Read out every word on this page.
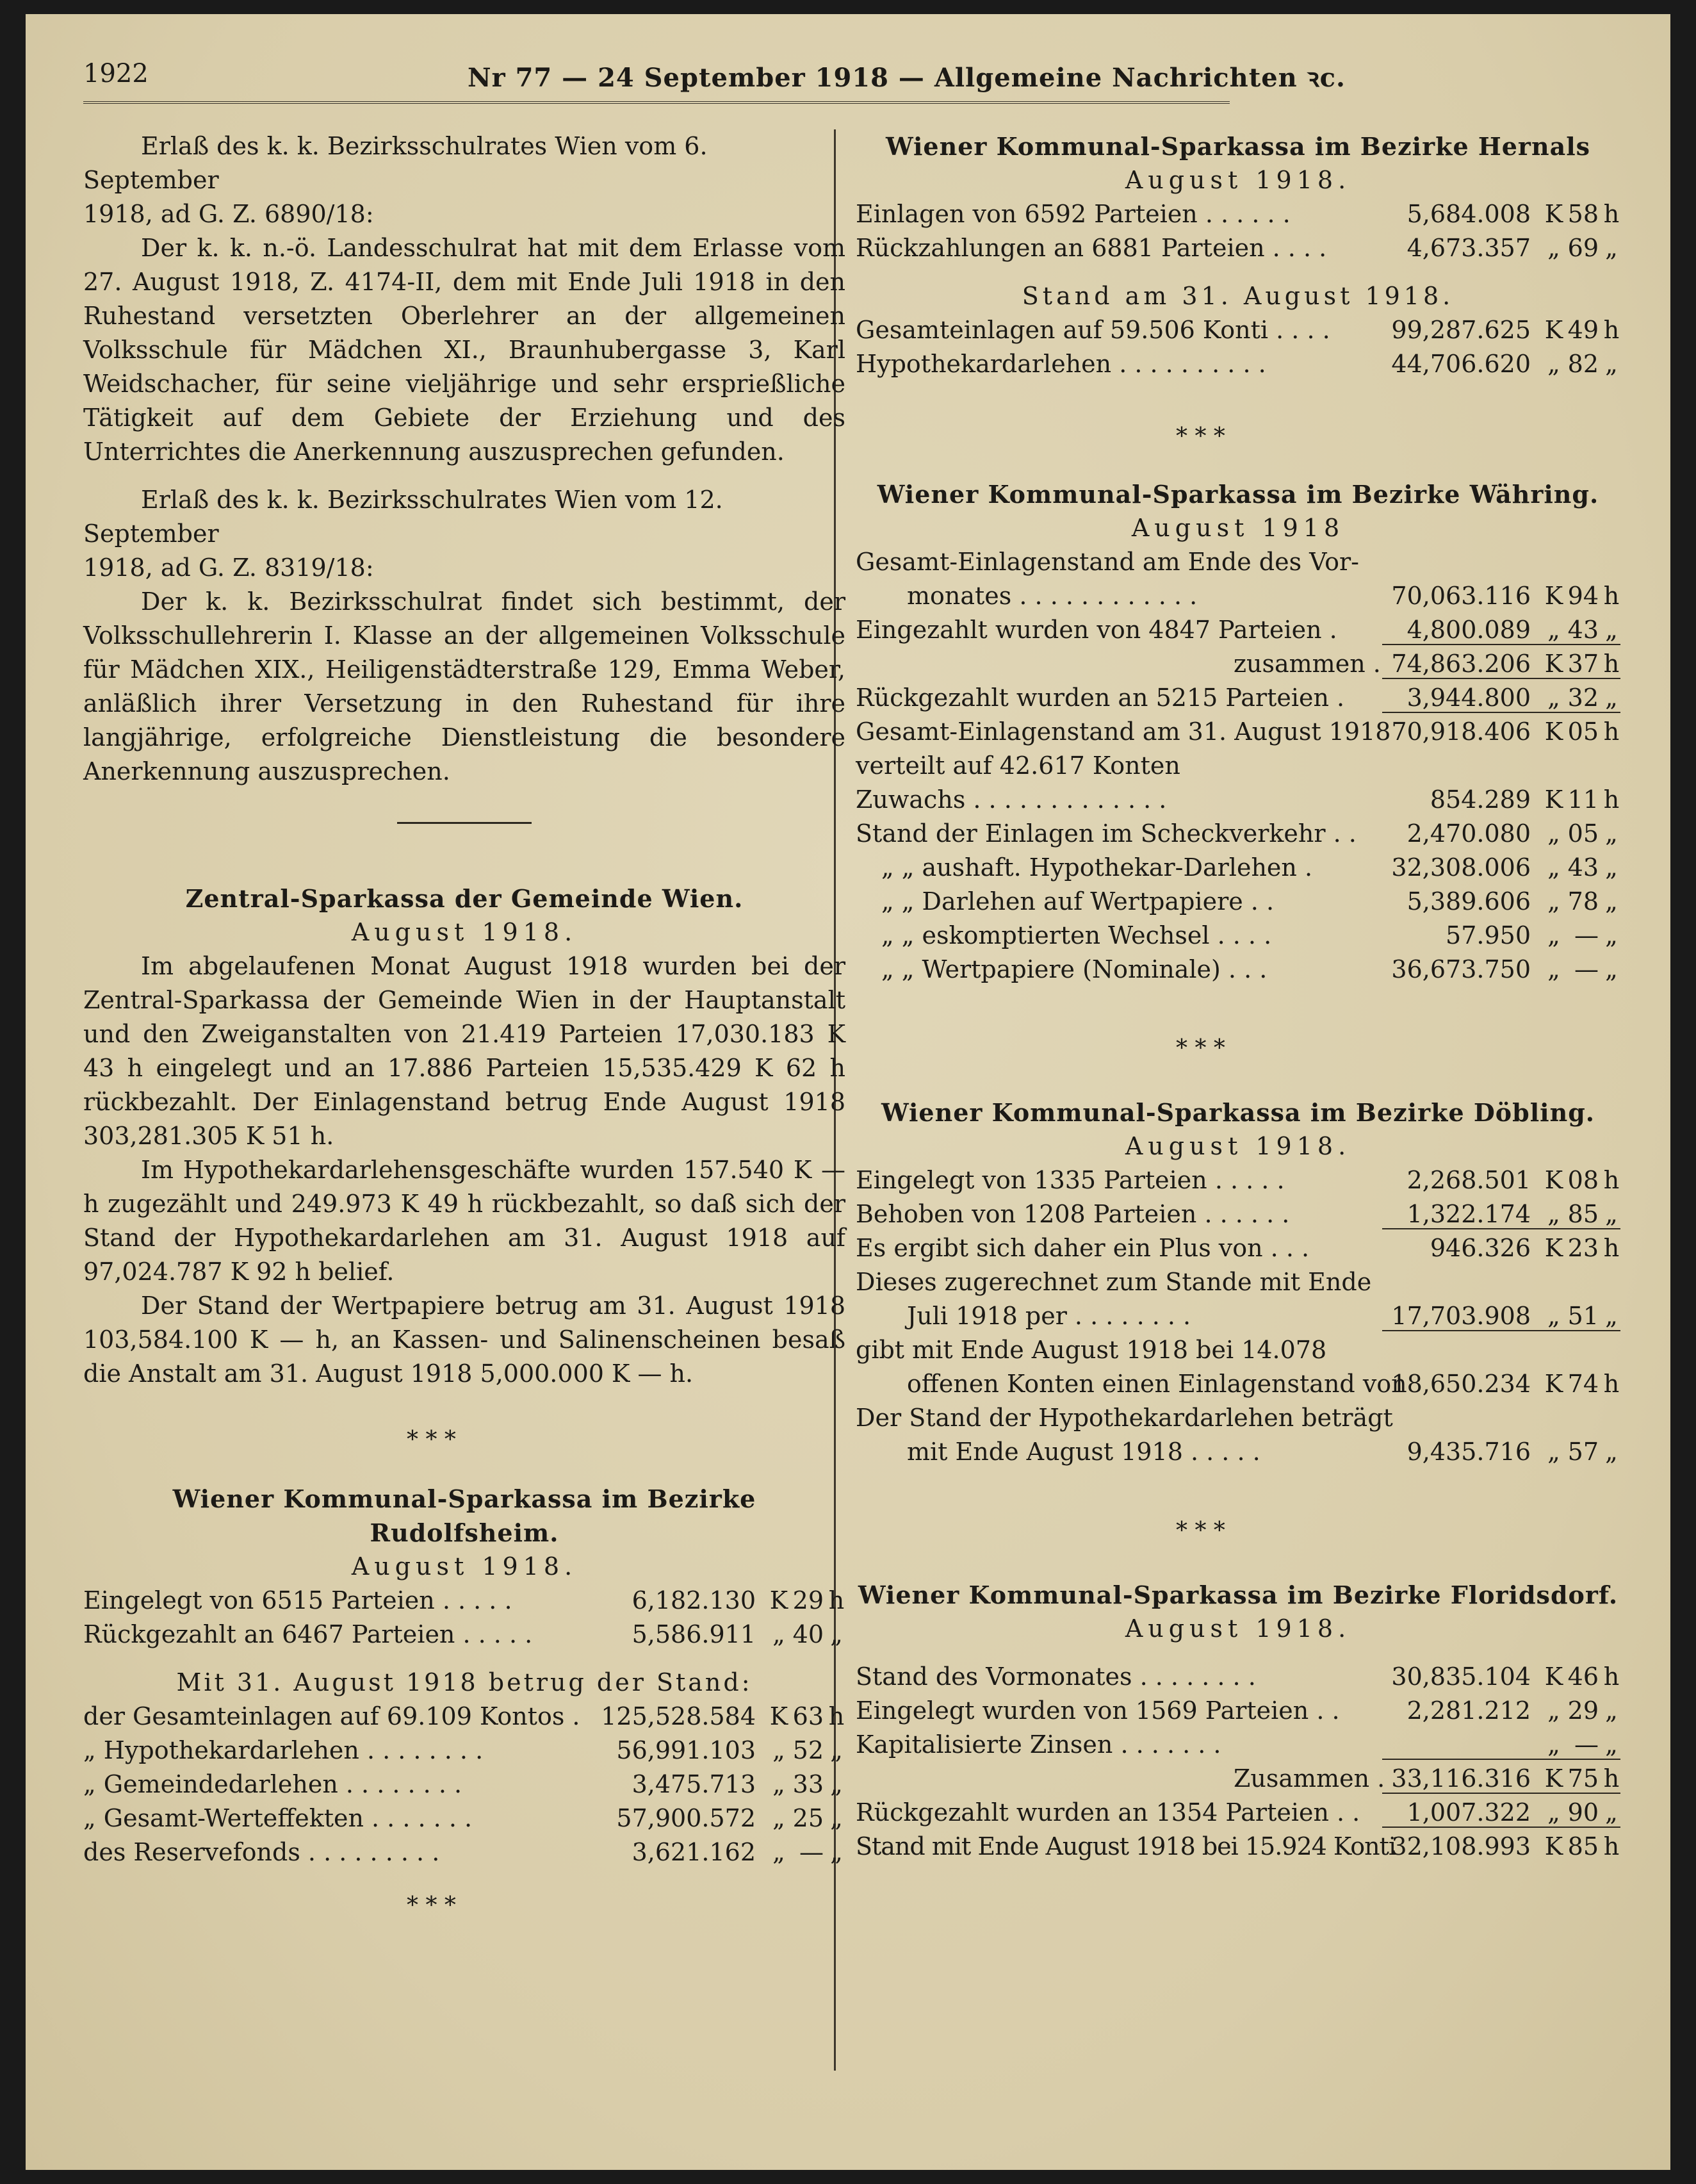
1922	Nr 77 — 24 September 1918 — Allgemeine Nachrichten ꝛc.

Erlaß des k. k. Bezirksschulrates Wien vom 6. September

1918, ad G. Z. 6890/18:

Der k. k. n.-ö. Landesschulrat hat mit dem Erlasse vom 27. August 1918, Z. 4174-II, dem mit Ende Juli 1918 in den Ruhestand versetzten Oberlehrer an der allgemeinen Volksschule für Mädchen XI., Braunhubergasse 3, Karl Weidschacher, für seine vieljährige und sehr ersprießliche Tätigkeit auf dem Gebiete der Erziehung und des Unterrichtes die Anerkennung auszusprechen gefunden.

Erlaß des k. k. Bezirksschulrates Wien vom 12. September

1918, ad G. Z. 8319/18:

Der k. k. Bezirksschulrat findet sich bestimmt, der Volksschullehrerin I. Klasse an der allgemeinen Volksschule für Mädchen XIX., Heiligenstädterstraße 129, Emma Weber, anläßlich ihrer Versetzung in den Ruhestand für ihre langjährige, erfolgreiche Dienstleistung die besondere Anerkennung auszusprechen.

Zentral-Sparkassa der Gemeinde Wien.

August 1918.

Im abgelaufenen Monat August 1918 wurden bei der Zentral-Sparkassa der Gemeinde Wien in der Hauptanstalt und den Zweiganstalten von 21.419 Parteien 17,030.183 K 43 h eingelegt und an 17.886 Parteien 15,535.429 K 62 h rückbezahlt. Der Einlagenstand betrug Ende August 1918 303,281.305 K 51 h.

Im Hypothekardarlehensgeschäfte wurden 157.540 K — h zugezählt und 249.973 K 49 h rückbezahlt, so daß sich der Stand der Hypothekardarlehen am 31. August 1918 auf 97,024.787 K 92 h belief.

Der Stand der Wertpapiere betrug am 31. August 1918 103,584.100 K — h, an Kassen- und Salinenscheinen besaß die Anstalt am 31. August 1918 5,000.000 K — h.

* * *

Wiener Kommunal-Sparkassa im Bezirke Rudolfsheim.

August 1918.

Eingelegt von 6515 Parteien . . . . .	6,182.130 K 29 h
Rückgezahlt an 6467 Parteien . . . . .	5,586.911 „ 40 „

Mit 31. August 1918 betrug der Stand:

der Gesamteinlagen auf 69.109 Kontos . 125,528.584 K 63 h
„ Hypothekardarlehen . . . . . . . .	56,991.103 „ 52 „
„ Gemeindedarlehen . . . . . . . .	3,475.713 „ 33 „
„ Gesamt-Werteffekten . . . . . . .	57,900.572 „ 25 „
des Reservefonds . . . . . . . . .	3,621.162 „ — „
* * *

Wiener Kommunal-Sparkassa im Bezirke Hernals

August 1918.

Einlagen von 6592 Parteien . . . . . .	5,684.008 K 58 h
Rückzahlungen an 6881 Parteien . . . .	4,673.357 „ 69 „

Stand am 31. August 1918.

Gesamteinlagen auf 59.506 Konti . . . .	99,287.625 K 49 h
Hypothekardarlehen . . . . . . . . . .	44,706.620 „ 82 „
* * *

Wiener Kommunal-Sparkassa im Bezirke Währing.

August 1918

Gesamt-Einlagenstand am Ende des Vor-
monates . . . . . . . . . . . .	70,063.116 K 94 h
Eingezahlt wurden von 4847 Parteien .	4,800.089 „ 43 „
zusammen . 74,863.206 K 37 h
Rückgezahlt wurden an 5215 Parteien .	3,944.800 „ 32 „
Gesamt-Einlagenstand am 31. August 1918 70,918.406 K 05 h
verteilt auf 42.617 Konten
Zuwachs . . . . . . . . . . . . .	854.289 K 11 h
Stand der Einlagen im Scheckverkehr . . 2,470.080 „ 05 „
„ „ aushaft. Hypothekar-Darlehen .	32,308.006 „ 43 „
„ „ Darlehen auf Wertpapiere . .	5,389.606 „ 78 „
„ „ eskomptierten Wechsel . . . .	57.950 „ — „
„ „ Wertpapiere (Nominale) . . .	36,673.750 „ — „
* * *

Wiener Kommunal-Sparkassa im Bezirke Döbling.

August 1918.

Eingelegt von 1335 Parteien . . . . .	2,268.501 K 08 h
Behoben von 1208 Parteien . . . . . .	1,322.174 „ 85 „
Es ergibt sich daher ein Plus von . . .	946.326 K 23 h
Dieses zugerechnet zum Stande mit Ende
Juli 1918 per . . . . . . . .	17,703.908 „ 51 „
gibt mit Ende August 1918 bei 14.078
offenen Konten einen Einlagenstand von
18,650.234 K 74 h
Der Stand der Hypothekardarlehen beträgt
mit Ende August 1918 . . . . .	9,435.716 „ 57 „
* * *

Wiener Kommunal-Sparkassa im Bezirke Floridsdorf.

August 1918.

Stand des Vormonates . . . . . . . .	30,835.104 K 46 h
Eingelegt wurden von 1569 Parteien . .	2,281.212 „ 29 „
Kapitalisierte Zinsen . . . . . . .	„ — „
Zusammen . 33,116.316 K 75 h
Rückgezahlt wurden an 1354 Parteien . . 1,007.322 „ 90 „
Stand mit Ende August 1918 bei 15.924 Konti
32,108.993 K 85 h
